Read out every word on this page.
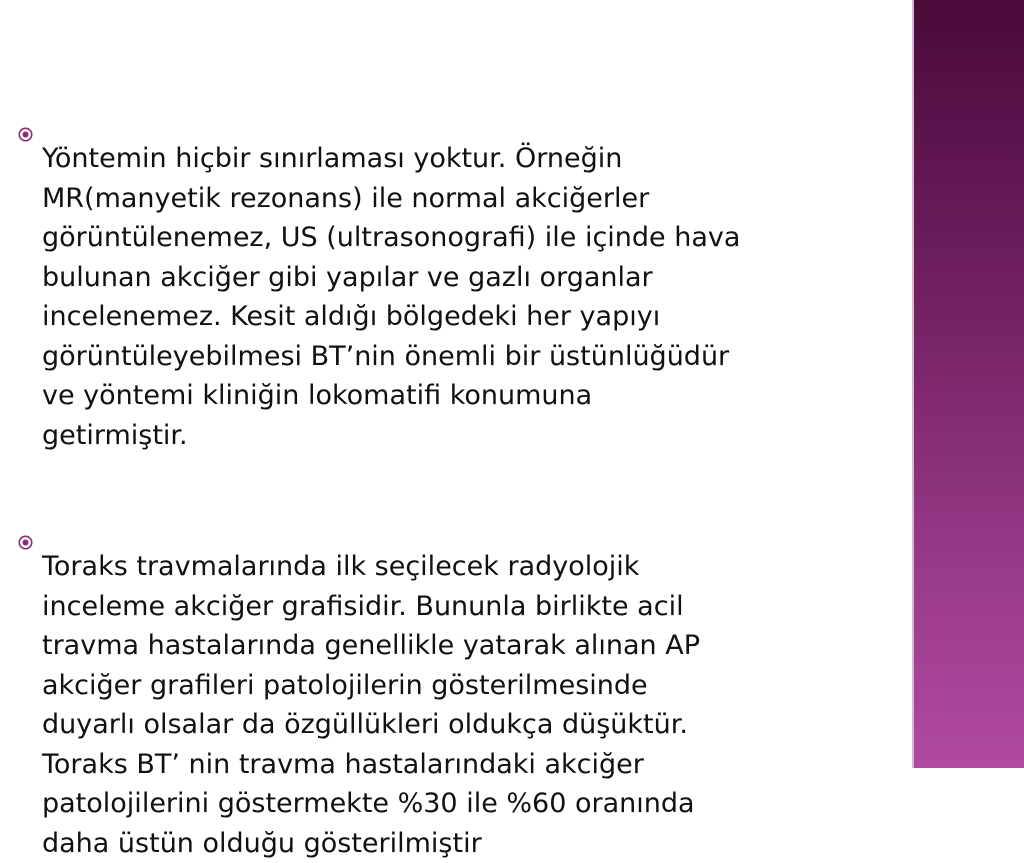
Yöntemin hiçbir sınırlaması yoktur. Örneğin
MR(manyetik rezonans) ile normal akciğerler
görüntülenemez, US (ultrasonografi) ile içinde hava
bulunan akciğer gibi yapılar ve gazlı organlar
incelenemez. Kesit aldığı bölgedeki her yapıyı
görüntüleyebilmesi BT’nin önemli bir üstünlüğüdür
ve yöntemi kliniğin lokomatifi konumuna
getirmiştir.

Toraks travmalarında ilk seçilecek radyolojik
inceleme akciğer grafisidir. Bununla birlikte acil
travma hastalarında genellikle yatarak alınan AP
akciğer grafileri patolojilerin gösterilmesinde
duyarlı olsalar da özgüllükleri oldukça düşüktür.
Toraks BT’ nin travma hastalarındaki akciğer
patolojilerini göstermekte %30 ile %60 oranında
daha üstün olduğu gösterilmiştir
